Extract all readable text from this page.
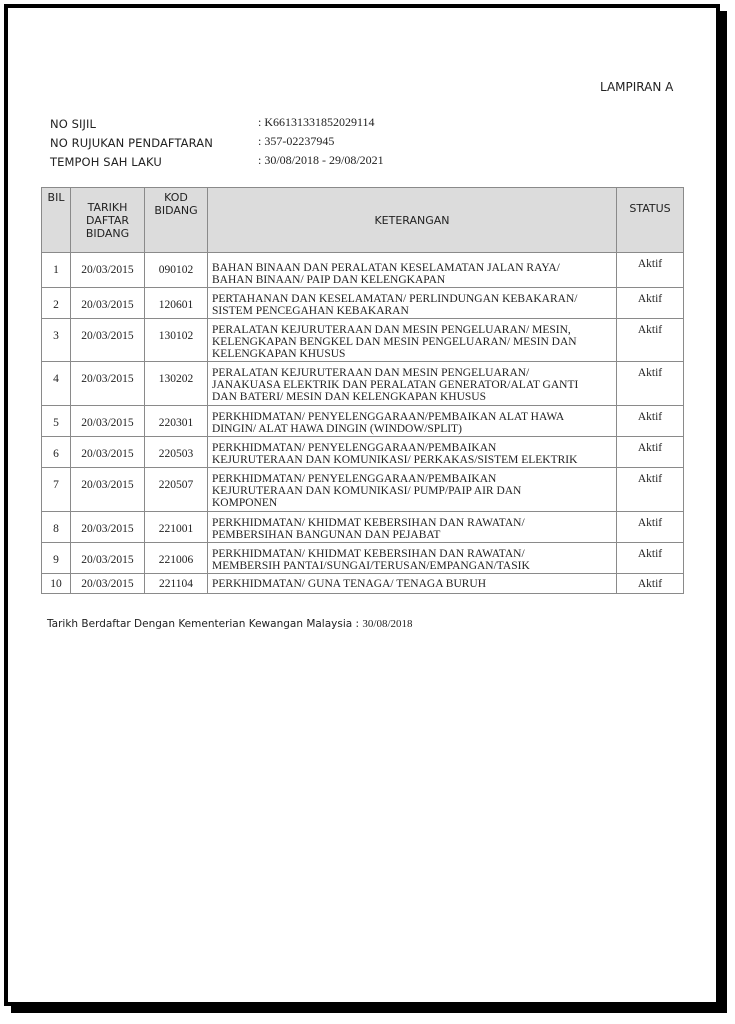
LAMPIRAN A
NO SIJIL	: K66131331852029114
NO RUJUKAN PENDAFTARAN	: 357-02237945
TEMPOH SAH LAKU	: 30/08/2018 - 29/08/2021
BIL	TARIKH DAFTAR BIDANG	KOD BIDANG	KETERANGAN	STATUS
1	20/03/2015	090102	BAHAN BINAAN DAN PERALATAN KESELAMATAN JALAN RAYA/
BAHAN BINAAN/ PAIP DAN KELENGKAPAN	Aktif
2	20/03/2015	120601	PERTAHANAN DAN KESELAMATAN/ PERLINDUNGAN KEBAKARAN/
SISTEM PENCEGAHAN KEBAKARAN	Aktif
3	20/03/2015	130102	PERALATAN KEJURUTERAAN DAN MESIN PENGELUARAN/ MESIN,
KELENGKAPAN BENGKEL DAN MESIN PENGELUARAN/ MESIN DAN
KELENGKAPAN KHUSUS	Aktif
4	20/03/2015	130202	PERALATAN KEJURUTERAAN DAN MESIN PENGELUARAN/
JANAKUASA ELEKTRIK DAN PERALATAN GENERATOR/ALAT GANTI
DAN BATERI/ MESIN DAN KELENGKAPAN KHUSUS	Aktif
5	20/03/2015	220301	PERKHIDMATAN/ PENYELENGGARAAN/PEMBAIKAN ALAT HAWA
DINGIN/ ALAT HAWA DINGIN (WINDOW/SPLIT)	Aktif
6	20/03/2015	220503	PERKHIDMATAN/ PENYELENGGARAAN/PEMBAIKAN
KEJURUTERAAN DAN KOMUNIKASI/ PERKAKAS/SISTEM ELEKTRIK	Aktif
7	20/03/2015	220507	PERKHIDMATAN/ PENYELENGGARAAN/PEMBAIKAN
KEJURUTERAAN DAN KOMUNIKASI/ PUMP/PAIP AIR DAN
KOMPONEN	Aktif
8	20/03/2015	221001	PERKHIDMATAN/ KHIDMAT KEBERSIHAN DAN RAWATAN/
PEMBERSIHAN BANGUNAN DAN PEJABAT	Aktif
9	20/03/2015	221006	PERKHIDMATAN/ KHIDMAT KEBERSIHAN DAN RAWATAN/
MEMBERSIH PANTAI/SUNGAI/TERUSAN/EMPANGAN/TASIK	Aktif
10	20/03/2015	221104	PERKHIDMATAN/ GUNA TENAGA/ TENAGA BURUH	Aktif
Tarikh Berdaftar Dengan Kementerian Kewangan Malaysia : 30/08/2018
